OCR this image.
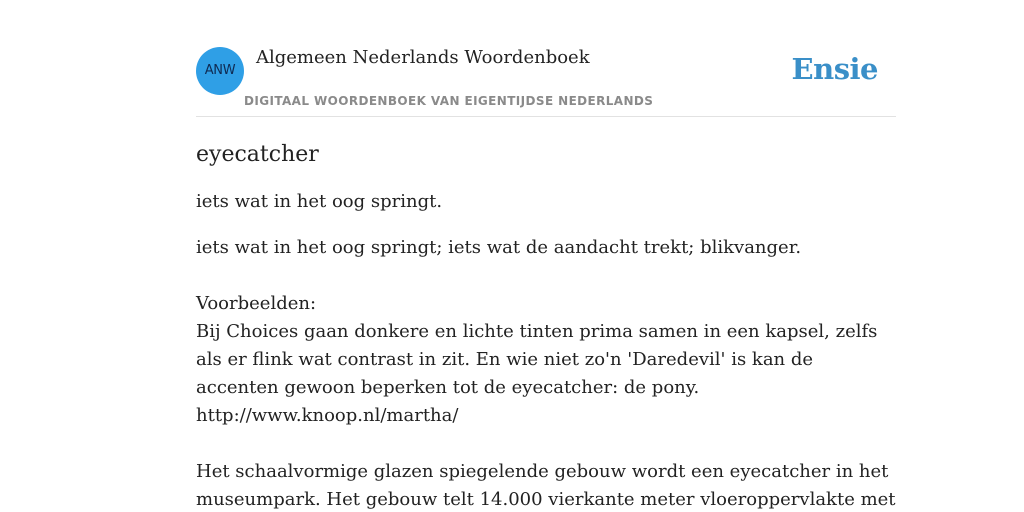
ANW
Algemeen Nederlands Woordenboek
DIGITAAL WOORDENBOEK VAN EIGENTIJDSE NEDERLANDS
Ensie
eyecatcher

iets wat in het oog springt.

iets wat in het oog springt; iets wat de aandacht trekt; blikvanger.

Voorbeelden:
Bij Choices gaan donkere en lichte tinten prima samen in een kapsel, zelfs als er flink wat contrast in zit. En wie niet zo'n 'Daredevil' is kan de accenten gewoon beperken tot de eyecatcher: de pony.
http://www.knoop.nl/martha/
Het schaalvormige glazen spiegelende gebouw wordt een eyecatcher in het museumpark. Het gebouw telt 14.000 vierkante meter vloeroppervlakte met
